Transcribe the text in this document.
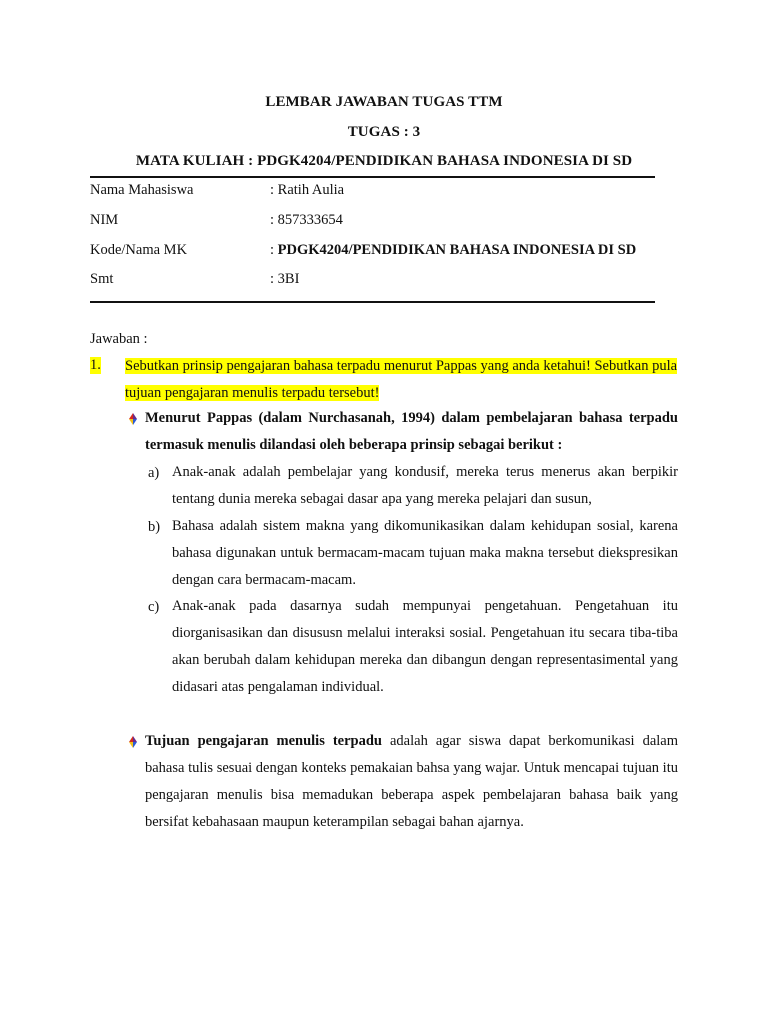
LEMBAR JAWABAN TUGAS TTM
TUGAS : 3
MATA KULIAH : PDGK4204/PENDIDIKAN BAHASA INDONESIA DI SD
Nama Mahasiswa	: Ratih Aulia
NIM	: 857333654
Kode/Nama MK	: PDGK4204/PENDIDIKAN BAHASA INDONESIA DI SD
Smt	: 3BI
Jawaban :
1. Sebutkan prinsip pengajaran bahasa terpadu menurut Pappas yang anda ketahui! Sebutkan pula tujuan pengajaran menulis terpadu tersebut!
Menurut Pappas (dalam Nurchasanah, 1994) dalam pembelajaran bahasa terpadu termasuk menulis dilandasi oleh beberapa prinsip sebagai berikut :
a) Anak-anak adalah pembelajar yang kondusif, mereka terus menerus akan berpikir tentang dunia mereka sebagai dasar apa yang mereka pelajari dan susun,
b) Bahasa adalah sistem makna yang dikomunikasikan dalam kehidupan sosial, karena bahasa digunakan untuk bermacam-macam tujuan maka makna tersebut diekspresikan dengan cara bermacam-macam.
c) Anak-anak pada dasarnya sudah mempunyai pengetahuan. Pengetahuan itu diorganisasikan dan disususn melalui interaksi sosial. Pengetahuan itu secara tiba-tiba akan berubah dalam kehidupan mereka dan dibangun dengan representasimental yang didasari atas pengalaman individual.
Tujuan pengajaran menulis terpadu adalah agar siswa dapat berkomunikasi dalam bahasa tulis sesuai dengan konteks pemakaian bahsa yang wajar. Untuk mencapai tujuan itu pengajaran menulis bisa memadukan beberapa aspek pembelajaran bahasa baik yang bersifat kebahasaan maupun keterampilan sebagai bahan ajarnya.
